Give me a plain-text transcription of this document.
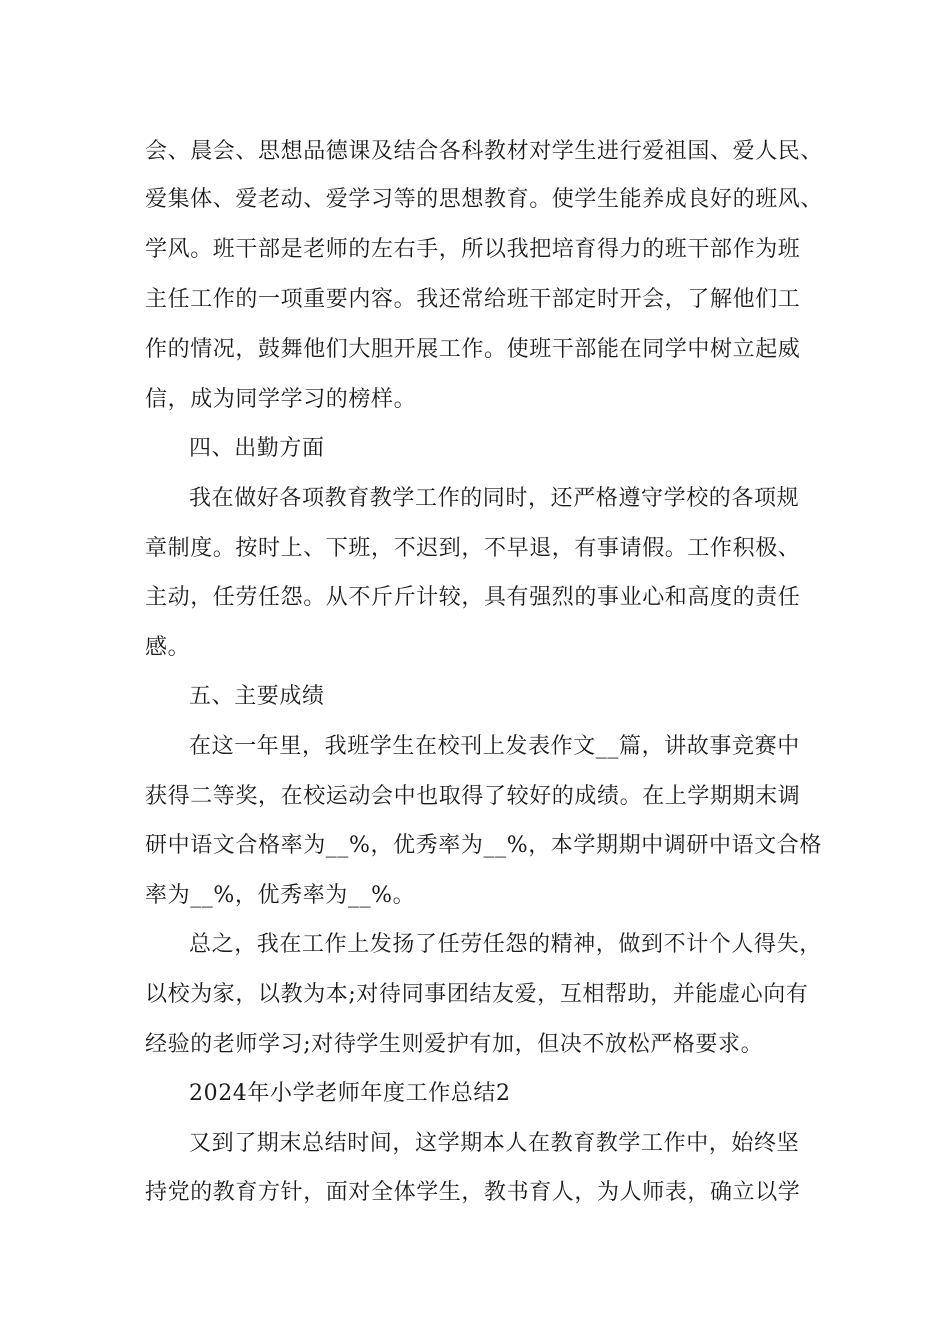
会、晨会、思想品德课及结合各科教材对学生进行爱祖国、爱人民、
爱集体、爱老动、爱学习等的思想教育。使学生能养成良好的班风、
学风。班干部是老师的左右手，所以我把培育得力的班干部作为班
主任工作的一项重要内容。我还常给班干部定时开会，了解他们工
作的情况，鼓舞他们大胆开展工作。使班干部能在同学中树立起威
信，成为同学学习的榜样。
四、出勤方面
我在做好各项教育教学工作的同时，还严格遵守学校的各项规
章制度。按时上、下班，不迟到，不早退，有事请假。工作积极、
主动，任劳任怨。从不斤斤计较，具有强烈的事业心和高度的责任
感。
五、主要成绩
在这一年里，我班学生在校刊上发表作文__篇，讲故事竞赛中
获得二等奖，在校运动会中也取得了较好的成绩。在上学期期末调
研中语文合格率为__%，优秀率为__%，本学期期中调研中语文合格
率为__%，优秀率为__%。
总之，我在工作上发扬了任劳任怨的精神，做到不计个人得失，
以校为家，以教为本;对待同事团结友爱，互相帮助，并能虚心向有
经验的老师学习;对待学生则爱护有加，但决不放松严格要求。
2024年小学老师年度工作总结2
又到了期末总结时间，这学期本人在教育教学工作中，始终坚
持党的教育方针，面对全体学生，教书育人，为人师表，确立以学
